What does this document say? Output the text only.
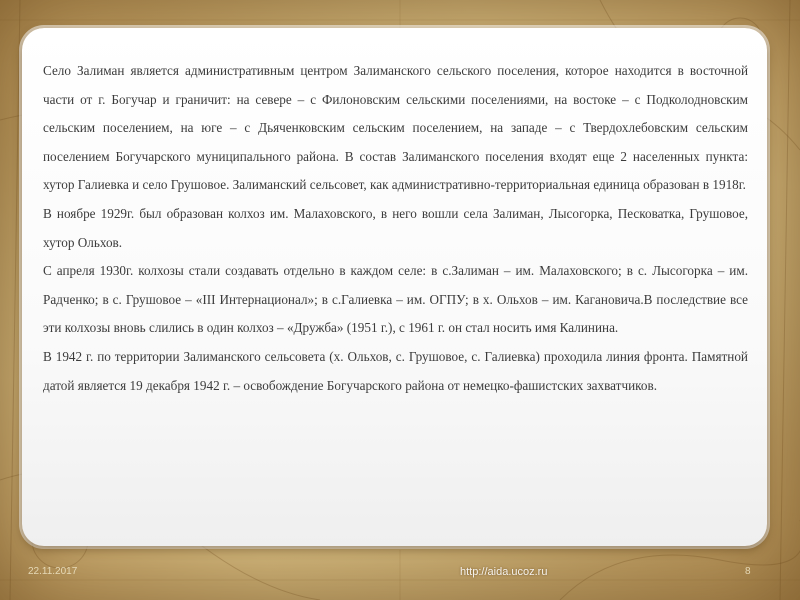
Село Залиман является административным центром Залиманского сельского поселения, которое находится в восточной части от г. Богучар и граничит: на севере – с Филоновским сельскими поселениями, на востоке – с Подколодновским сельским поселением, на юге – с Дьяченковским сельским поселением, на западе – с Твердохлебовским сельским поселением Богучарского муниципального района. В состав Залиманского поселения входят еще 2 населенных пункта: хутор Галиевка и село Грушовое. Залиманский сельсовет, как административно-территориальная единица образован в 1918г.

В ноябре 1929г. был образован колхоз им. Малаховского, в него вошли села Залиман, Лысогорка, Песковатка, Грушовое, хутор Ольхов.

С апреля 1930г. колхозы стали создавать отдельно в каждом селе: в с.Залиман – им. Малаховского; в с. Лысогорка – им. Радченко; в с. Грушовое – «III Интернационал»; в с.Галиевка – им. ОГПУ; в х. Ольхов – им. Кагановича.В последствие все эти колхозы вновь слились в один колхоз – «Дружба» (1951 г.), с 1961 г. он стал носить имя Калинина.

В 1942 г. по территории Залиманского сельсовета (х. Ольхов, с. Грушовое, с. Галиевка) проходила линия фронта. Памятной датой является 19 декабря 1942 г. – освобождение Богучарского района от немецко-фашистских захватчиков.

22.11.2017	http://aida.ucoz.ru	8
